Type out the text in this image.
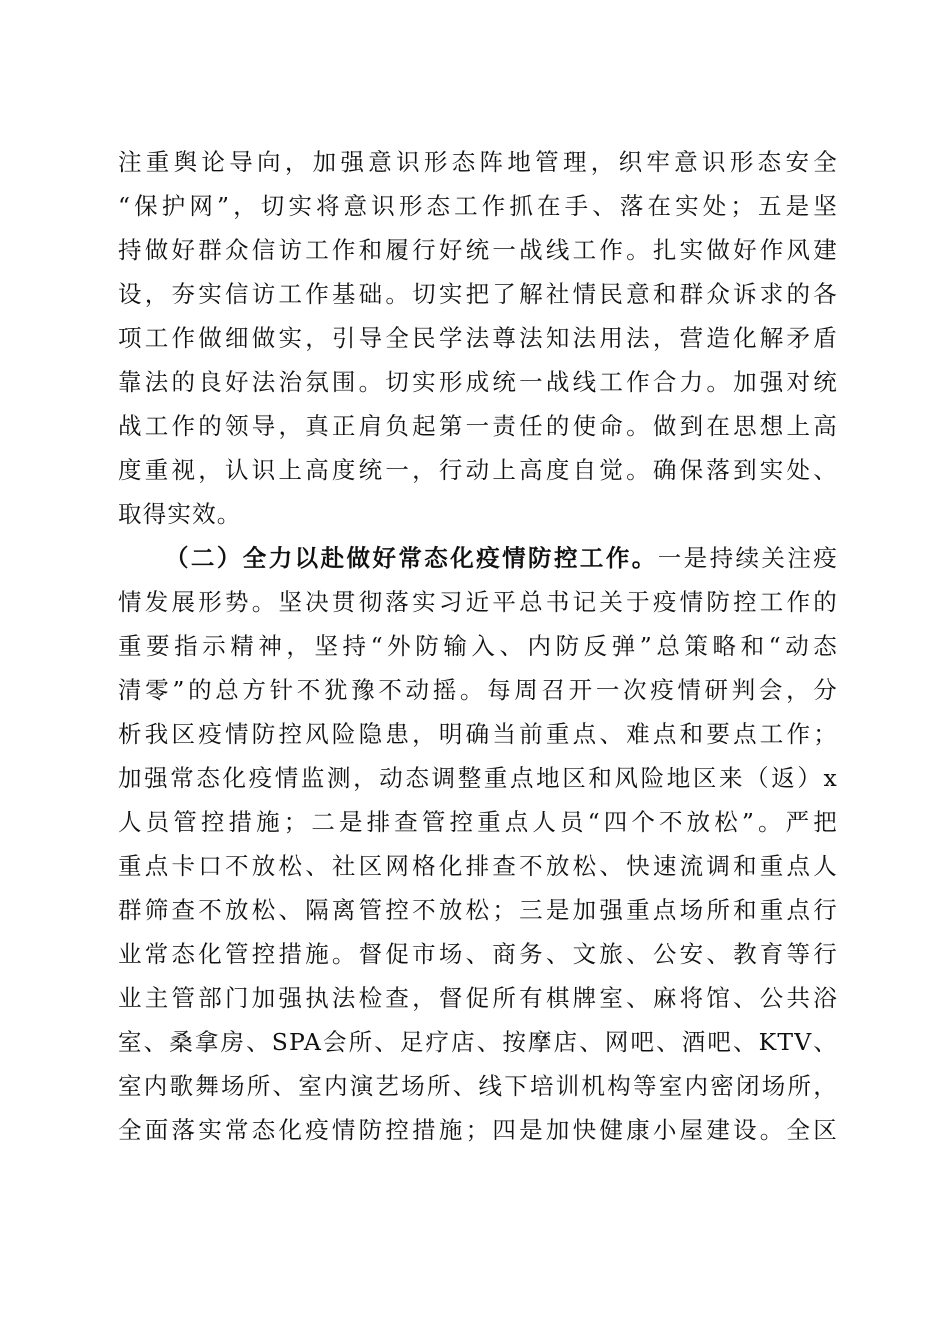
注重舆论导向，加强意识形态阵地管理，织牢意识形态安全
“保护网”，切实将意识形态工作抓在手、落在实处；五是坚
持做好群众信访工作和履行好统一战线工作。扎实做好作风建
设，夯实信访工作基础。切实把了解社情民意和群众诉求的各
项工作做细做实，引导全民学法尊法知法用法，营造化解矛盾
靠法的良好法治氛围。切实形成统一战线工作合力。加强对统
战工作的领导，真正肩负起第一责任的使命。做到在思想上高
度重视，认识上高度统一，行动上高度自觉。确保落到实处、
取得实效。
（二）全力以赴做好常态化疫情防控工作。一是持续关注疫
情发展形势。坚决贯彻落实习近平总书记关于疫情防控工作的
重要指示精神，坚持“外防输入、内防反弹”总策略和“动态
清零”的总方针不犹豫不动摇。每周召开一次疫情研判会，分
析我区疫情防控风险隐患，明确当前重点、难点和要点工作；
加强常态化疫情监测，动态调整重点地区和风险地区来（返）x
人员管控措施；二是排查管控重点人员“四个不放松”。严把
重点卡口不放松、社区网格化排查不放松、快速流调和重点人
群筛查不放松、隔离管控不放松；三是加强重点场所和重点行
业常态化管控措施。督促市场、商务、文旅、公安、教育等行
业主管部门加强执法检查，督促所有棋牌室、麻将馆、公共浴
室、桑拿房、SPA会所、足疗店、按摩店、网吧、酒吧、KTV、
室内歌舞场所、室内演艺场所、线下培训机构等室内密闭场所，
全面落实常态化疫情防控措施；四是加快健康小屋建设。全区
